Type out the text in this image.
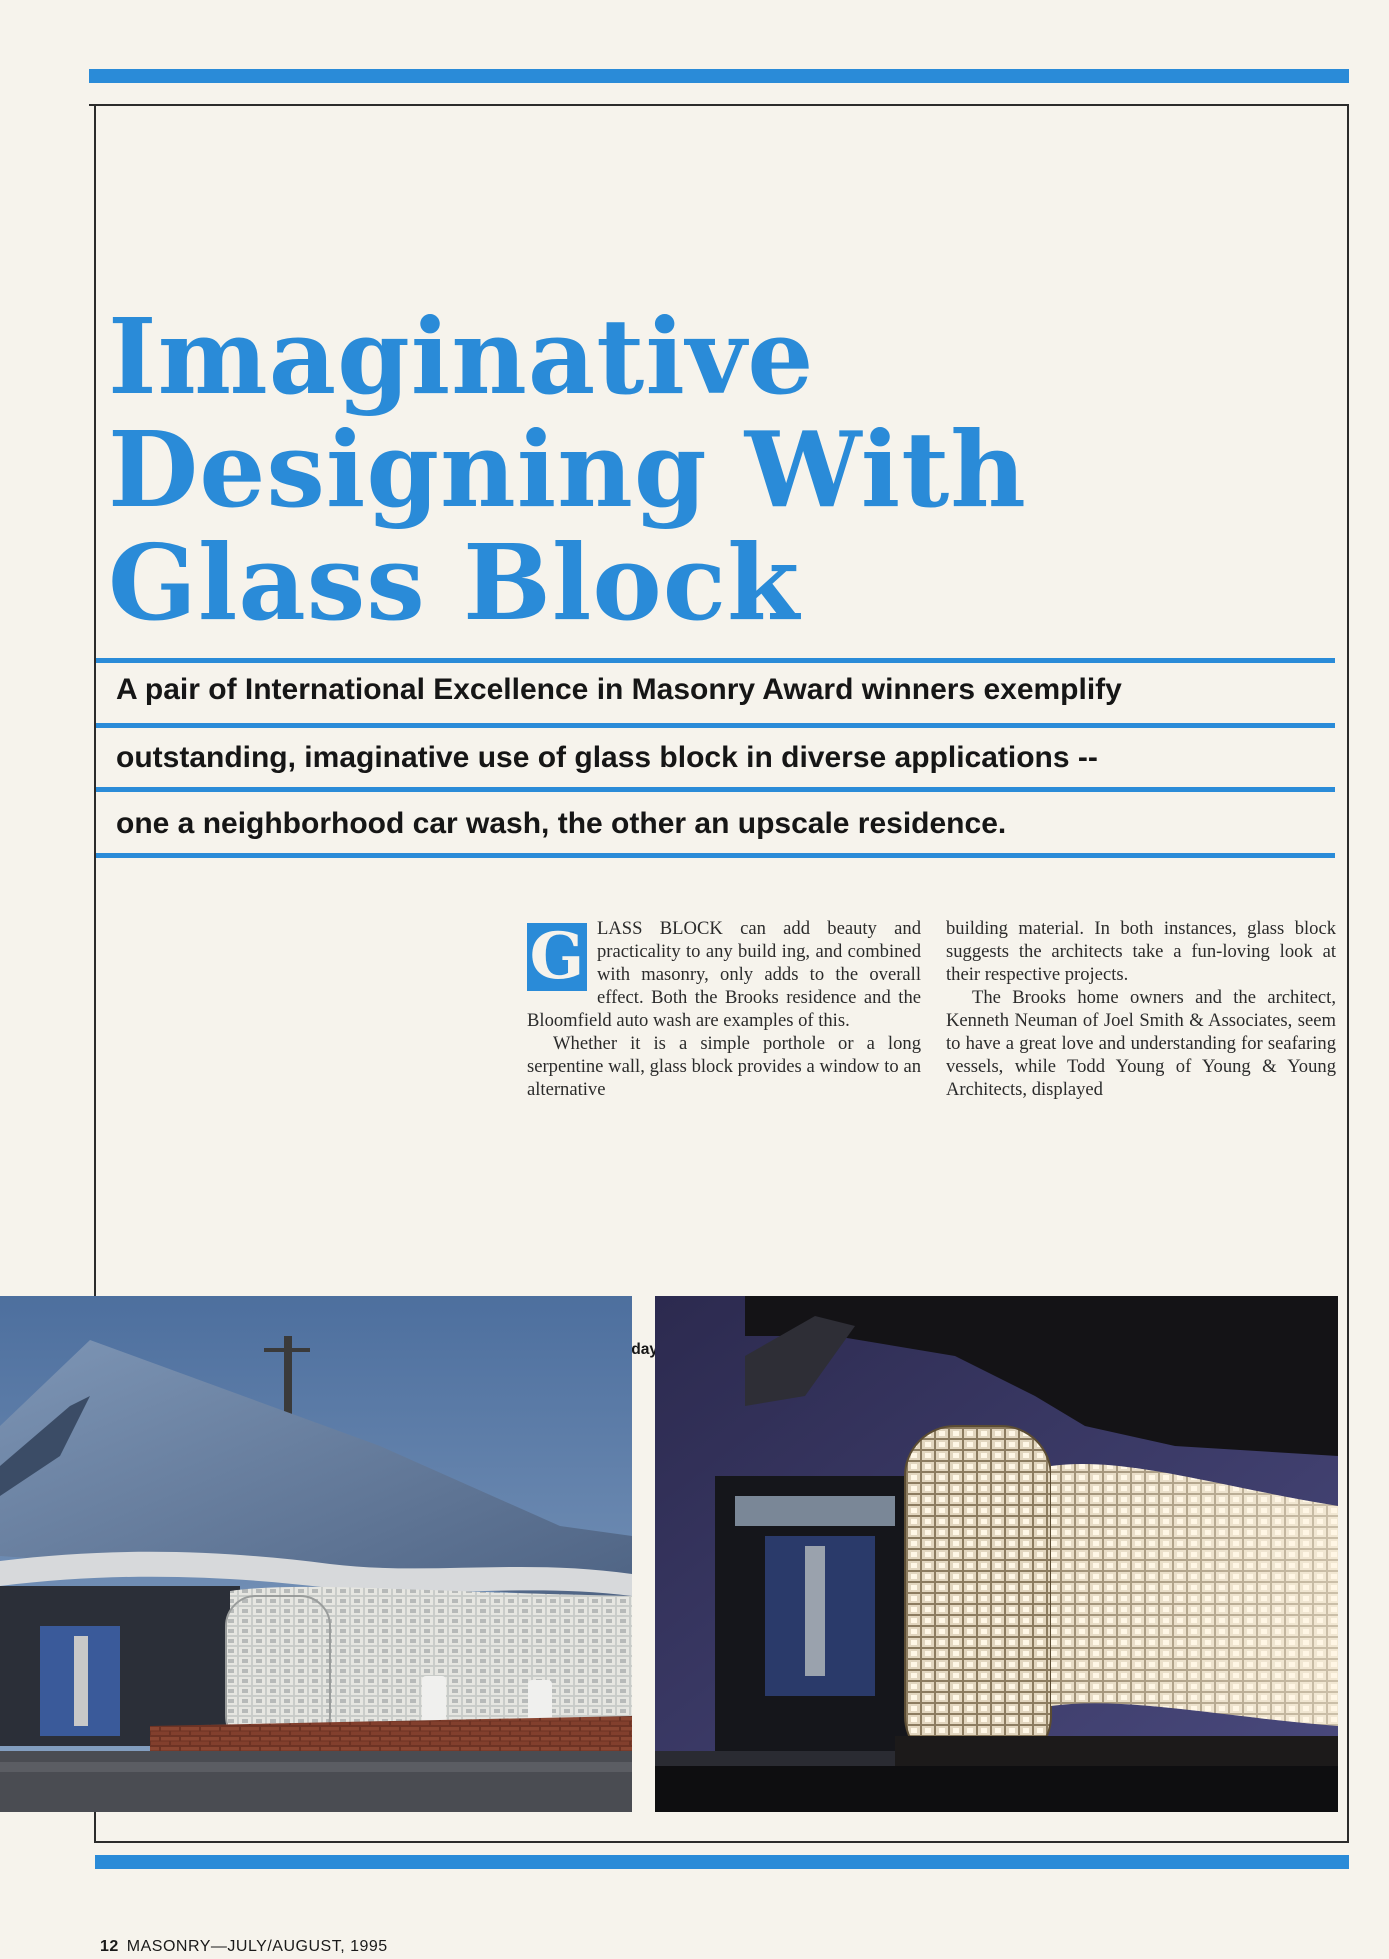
Imaginative
Designing With
Glass Block
A pair of International Excellence in Masonry Award winners exemplify
outstanding, imaginative use of glass block in diverse applications --
one a neighborhood car wash, the other an upscale residence.
G LASS BLOCK can add beauty and practicality to any build ing, and combined with masonry, only adds to the overall effect. Both the Brooks residence and the Bloomfield auto wash are examples of this.

Whether it is a simple porthole or a long serpentine wall, glass block provides a window to an alternative

building material. In both instances, glass block suggests the architects take a fun-loving look at their respective projects.

The Brooks home owners and the architect, Kenneth Neuman of Joel Smith & Associates, seem to have a great love and understanding for seafaring vessels, while Todd Young of Young & Young Architects, displayed

day
12 MASONRY—JULY/AUGUST, 1995
